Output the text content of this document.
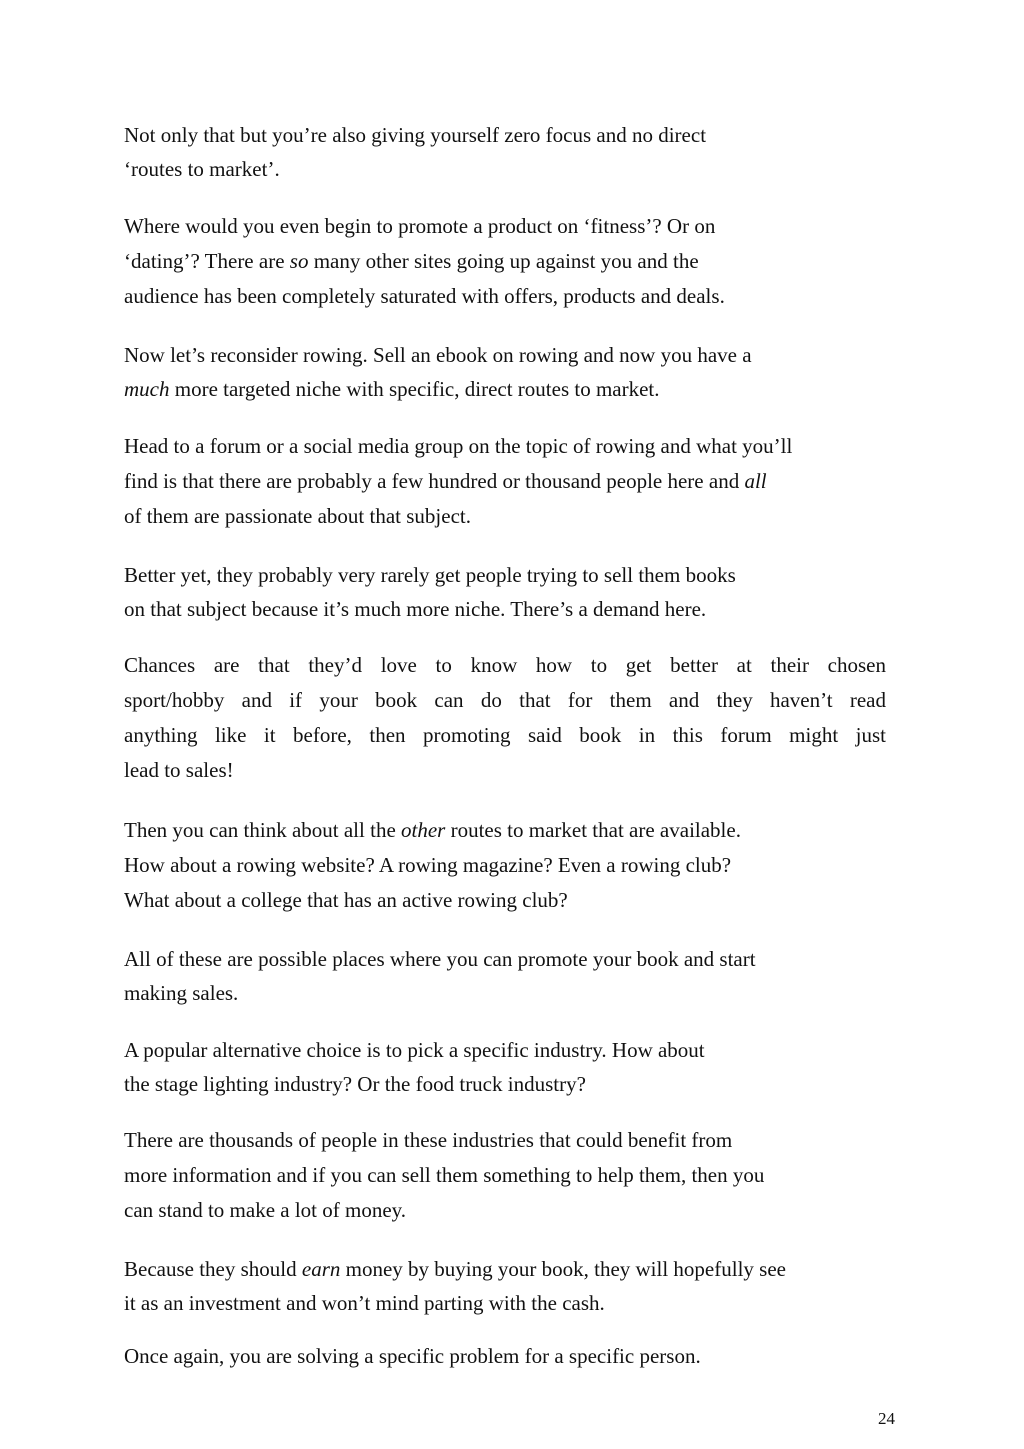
Not only that but you’re also giving yourself zero focus and no direct
‘routes to market’.

Where would you even begin to promote a product on ‘fitness’? Or on
‘dating’? There are so many other sites going up against you and the
audience has been completely saturated with offers, products and deals.

Now let’s reconsider rowing. Sell an ebook on rowing and now you have a
much more targeted niche with specific, direct routes to market.

Head to a forum or a social media group on the topic of rowing and what you’ll
find is that there are probably a few hundred or thousand people here and all
of them are passionate about that subject.

Better yet, they probably very rarely get people trying to sell them books
on that subject because it’s much more niche. There’s a demand here.

Chances are that they’d love to know how to get better at their chosen
sport/hobby and if your book can do that for them and they haven’t read
anything like it before, then promoting said book in this forum might just
lead to sales!

Then you can think about all the other routes to market that are available.
How about a rowing website? A rowing magazine? Even a rowing club?
What about a college that has an active rowing club?

All of these are possible places where you can promote your book and start
making sales.

A popular alternative choice is to pick a specific industry. How about
the stage lighting industry? Or the food truck industry?

There are thousands of people in these industries that could benefit from
more information and if you can sell them something to help them, then you
can stand to make a lot of money.

Because they should earn money by buying your book, they will hopefully see
it as an investment and won’t mind parting with the cash.

Once again, you are solving a specific problem for a specific person.

24
